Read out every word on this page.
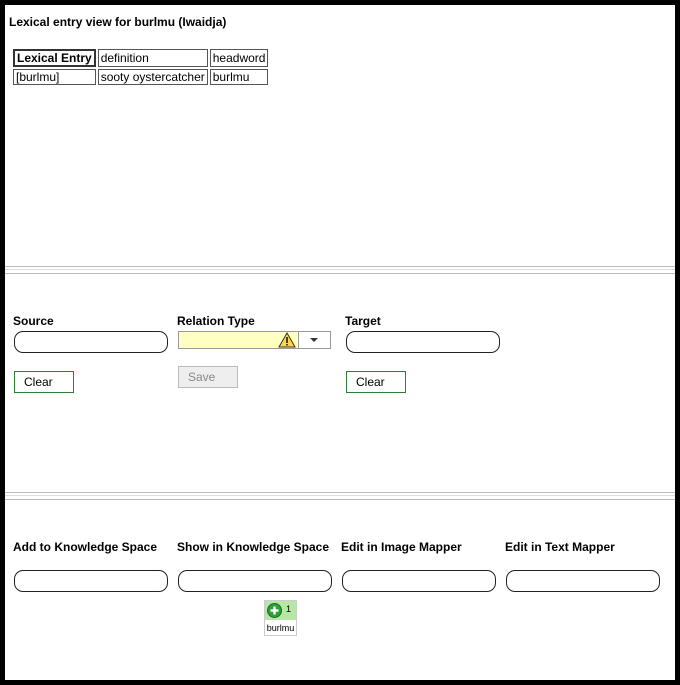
Lexical entry view for burlmu (Iwaidja)
Lexical Entry	definition	headword
[burlmu]	sooty oystercatcher	burlmu
Source
Clear
Relation Type
Save
Target
Clear
Add to Knowledge Space Show in Knowledge Space Edit in Image Mapper	Edit in Text Mapper
1
burlmu
